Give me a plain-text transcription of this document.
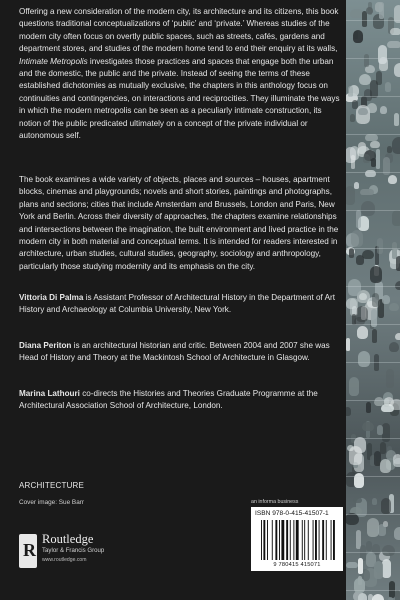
Offering a new consideration of the modern city, its architecture and its citizens, this book questions traditional conceptualizations of ‘public’ and ‘private.’ Whereas studies of the modern city often focus on overtly public spaces, such as streets, cafés, gardens and department stores, and studies of the modern home tend to end their enquiry at its walls, Intimate Metropolis investigates those practices and spaces that engage both the urban and the domestic, the public and the private. Instead of seeing the terms of these established dichotomies as mutually exclusive, the chapters in this anthology focus on continuities and contingencies, on interactions and reciprocities. They illuminate the ways in which the modern metropolis can be seen as a peculiarly intimate construction, its notion of the public predicated ultimately on a concept of the private individual or autonomous self.

The book examines a wide variety of objects, places and sources – houses, apartment blocks, cinemas and playgrounds; novels and short stories, paintings and photographs, plans and sections; cities that include Amsterdam and Brussels, London and Paris, New York and Berlin. Across their diversity of approaches, the chapters examine relationships and intersections between the imagination, the built environment and lived practice in the modern city in both material and conceptual terms. It is intended for readers interested in architecture, urban studies, cultural studies, geography, sociology and anthropology, particularly those studying modernity and its emphasis on the city.

Vittoria Di Palma is Assistant Professor of Architectural History in the Department of Art History and Archaeology at Columbia University, New York.

Diana Periton is an architectural historian and critic. Between 2004 and 2007 she was Head of History and Theory at the Mackintosh School of Architecture in Glasgow.

Marina Lathouri co-directs the Histories and Theories Graduate Programme at the Architectural Association School of Architecture, London.

ARCHITECTURE
Cover image: Sue Barr
R
Routledge
Taylor & Francis Group
www.routledge.com
an informa business
ISBN 978-0-415-41507-1
9 780415 415071
